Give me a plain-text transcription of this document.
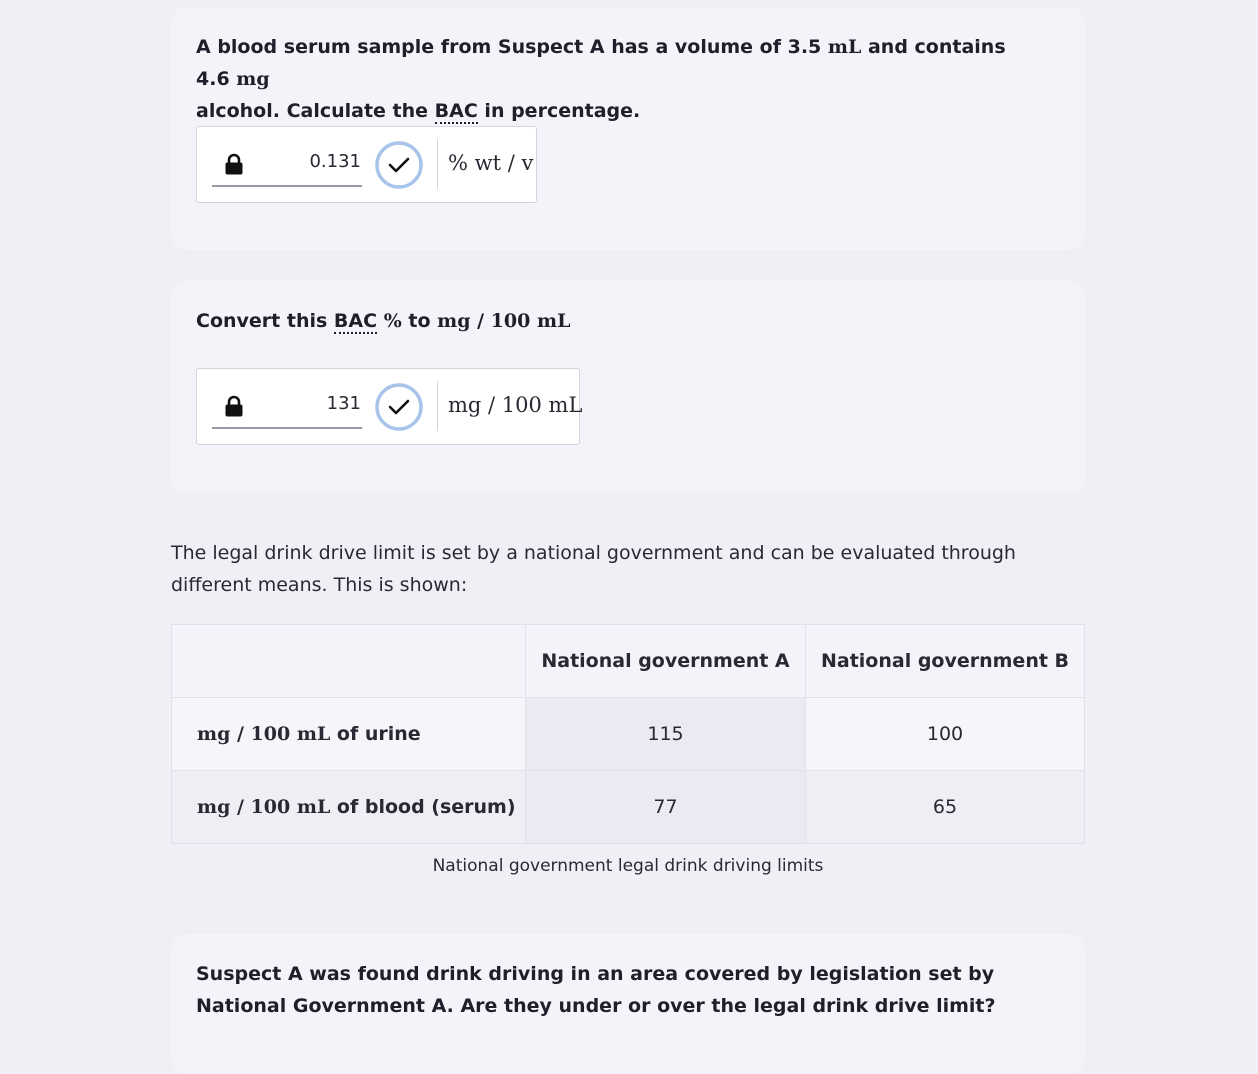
A blood serum sample from Suspect A has a volume of 3.5 mL and contains 4.6 mg
alcohol. Calculate the BAC in percentage.
0.131	% wt / v
Convert this BAC % to mg / 100 mL
131	mg / 100 mL
The legal drink drive limit is set by a national government and can be evaluated through different means. This is shown:
	National government A	National government B
mg / 100 mL of urine	115	100
mg / 100 mL of blood (serum)	77	65
National government legal drink driving limits
Suspect A was found drink driving in an area covered by legislation set by National Government A. Are they under or over the legal drink drive limit?
